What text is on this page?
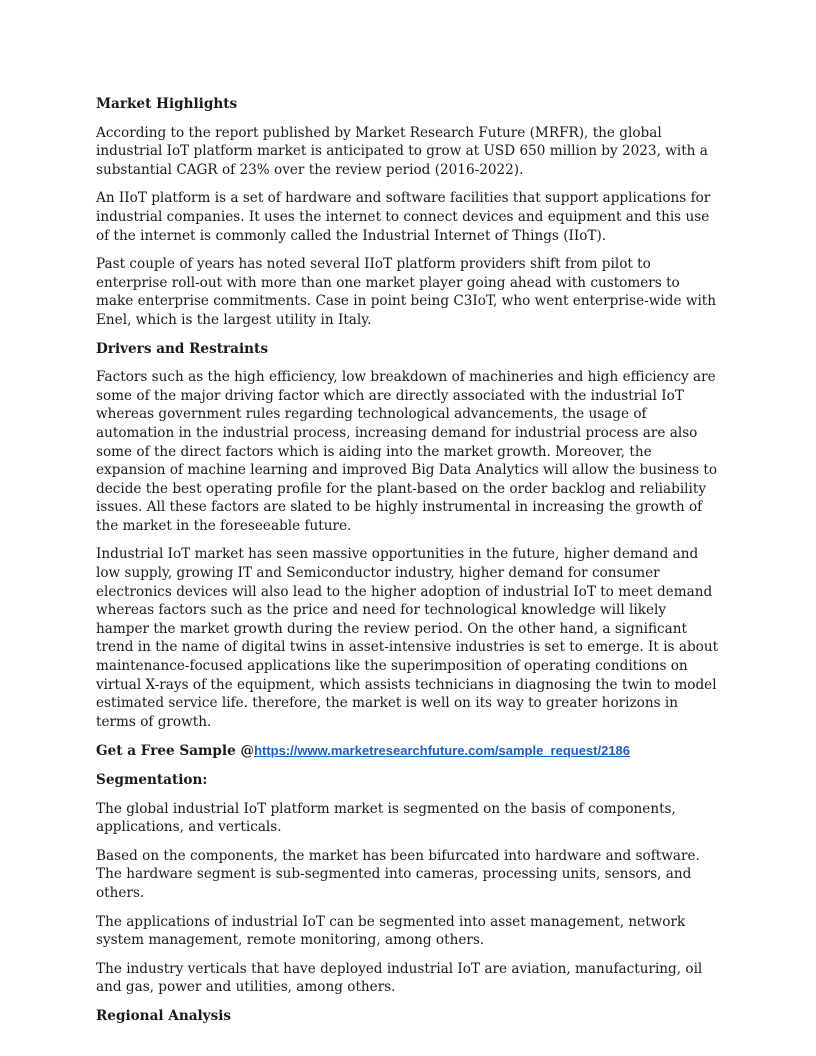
Market Highlights

According to the report published by Market Research Future (MRFR), the global industrial IoT platform market is anticipated to grow at USD 650 million by 2023, with a substantial CAGR of 23% over the review period (2016-2022).

An IIoT platform is a set of hardware and software facilities that support applications for industrial companies. It uses the internet to connect devices and equipment and this use of the internet is commonly called the Industrial Internet of Things (IIoT).

Past couple of years has noted several IIoT platform providers shift from pilot to enterprise roll-out with more than one market player going ahead with customers to make enterprise commitments. Case in point being C3IoT, who went enterprise-wide with Enel, which is the largest utility in Italy.

Drivers and Restraints

Factors such as the high efficiency, low breakdown of machineries and high efficiency are some of the major driving factor which are directly associated with the industrial IoT whereas government rules regarding technological advancements, the usage of automation in the industrial process, increasing demand for industrial process are also some of the direct factors which is aiding into the market growth. Moreover, the expansion of machine learning and improved Big Data Analytics will allow the business to decide the best operating profile for the plant-based on the order backlog and reliability issues. All these factors are slated to be highly instrumental in increasing the growth of the market in the foreseeable future.

Industrial IoT market has seen massive opportunities in the future, higher demand and low supply, growing IT and Semiconductor industry, higher demand for consumer electronics devices will also lead to the higher adoption of industrial IoT to meet demand whereas factors such as the price and need for technological knowledge will likely hamper the market growth during the review period. On the other hand, a significant trend in the name of digital twins in asset-intensive industries is set to emerge. It is about maintenance-focused applications like the superimposition of operating conditions on virtual X-rays of the equipment, which assists technicians in diagnosing the twin to model estimated service life. therefore, the market is well on its way to greater horizons in terms of growth.

Get a Free Sample @https://www.marketresearchfuture.com/sample_request/2186

Segmentation:

The global industrial IoT platform market is segmented on the basis of components, applications, and verticals.

Based on the components, the market has been bifurcated into hardware and software. The hardware segment is sub-segmented into cameras, processing units, sensors, and others.

The applications of industrial IoT can be segmented into asset management, network system management, remote monitoring, among others.

The industry verticals that have deployed industrial IoT are aviation, manufacturing, oil and gas, power and utilities, among others.

Regional Analysis
